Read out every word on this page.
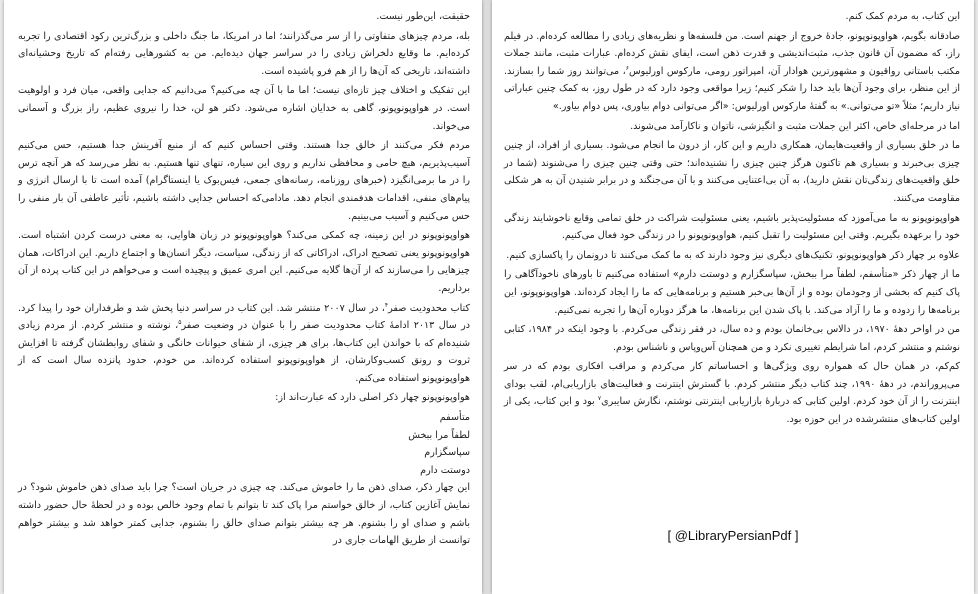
حقیقت، این‌طور نیست.

بله، مردم چیزهای متفاوتی را از سر می‌گذرانند؛ اما در امریکا، ما جنگ داخلی و بزرگ‌ترین رکود اقتصادی را تجربه کرده‌ایم. ما وقایع دلخراش زیادی را در سراسر جهان دیده‌ایم. من به کشورهایی رفته‌ام که تاریخ وحشیانه‌ای داشته‌اند، تاریخی که آن‌ها را از هم فرو پاشیده است.

این تفکیک و اختلاف چیز تازه‌ای نیست؛ اما ما با آن چه می‌کنیم؟ می‌دانیم که جدایی واقعی، میان فرد و اولوهیت است. در هواوپونوپونو، گاهی به خدایان اشاره می‌شود. دکتر هو لن، خدا را نیروی عظیم، راز بزرگ و آسمانی می‌خواند.

مردم فکر می‌کنند از خالق جدا هستند. وقتی احساس کنیم که از منبع آفرینش جدا هستیم، حس می‌کنیم آسیب‌پذیریم، هیچ حامی و محافظی نداریم و روی این سیاره، تنهای تنها هستیم. به نظر می‌رسد که هر آنچه ترس را در ما برمی‌انگیزد (خبرهای روزنامه، رسانه‌های جمعی، فیس‌بوک یا اینستاگرام) آمده است تا با ارسال انرژی و پیام‌های منفی، اقدامات هدفمندی انجام دهد. مادامی‌که احساس جدایی داشته باشیم، تأثیر عاطفی آن بار منفی را حس می‌کنیم و آسیب می‌بینیم.

هواوپونوپونو در این زمینه، چه کمکی می‌کند؟ هواوپونوپونو در زبان هاوایی، به معنی درست کردن اشتباه است. هواوپونوپونو یعنی تصحیح ادراک، ادراکاتی که از زندگی، سیاست، دیگر انسان‌ها و اجتماع داریم. این ادراکات، همان چیزهایی را می‌سازند که از آن‌ها گلایه می‌کنیم. این امری عمیق و پیچیده است و می‌خواهم در این کتاب پرده از آن برداریم.

کتاب محدودیت صفر$^۴$، در سال ۲۰۰۷ منتشر شد. این کتاب در سراسر دنیا پخش شد و طرفداران خود را پیدا کرد. در سال ۲۰۱۳ ادامهٔ کتاب محدودیت صفر را با عنوان در وضعیت صفر$^۵$، نوشته و منتشر کردم. از مردم زیادی شنیده‌ام که با خواندن این کتاب‌ها، برای هر چیزی، از شفای حیوانات خانگی و شفای روابطشان گرفته تا افزایش ثروت و رونق کسب‌وکارشان، از هواوپونوپونو استفاده کرده‌اند. من خودم، حدود پانزده سال است که از هواوپونوپونو استفاده می‌کنم.

هواوپونوپونو چهار ذکر اصلی دارد که عبارت‌اند از:

متأسفم

لطفاً مرا ببخش

سپاسگزارم

دوستت دارم

این چهار ذکر، صدای ذهن ما را خاموش می‌کند. چه چیزی در جریان است؟ چرا باید صدای ذهن خاموش شود؟ در نمایش آغازین کتاب، از خالق خواستم مرا پاک کند تا بتوانم با تمام وجود خالص بوده و در لحظهٔ حال حضور داشته باشم و صدای او را بشنوم. هر چه بیشتر بتوانم صدای خالق را بشنوم، جدایی کمتر خواهد شد و بیشتر خواهم توانست از طریق الهامات جاری در

این کتاب، به مردم کمک کنم.

صادقانه بگویم، هواوپونوپونو، جادهٔ خروج از جهنم است. من فلسفه‌ها و نظریه‌های زیادی را مطالعه کرده‌ام. در فیلم راز، که مضمون آن قانون جذب، مثبت‌اندیشی و قدرت ذهن است، ایفای نقش کرده‌ام. عبارات مثبت، مانند جملات مکتب باستانی رواقیون و مشهورترین هوادار آن، امپراتور رومی، مارکوس اورلیوس$^۶$، می‌توانند روز شما را بسازند. از این منظر، برای وجود آن‌ها باید خدا را شکر کنیم؛ زیرا مواقعی وجود دارد که در طول روز، به کمک چنین عباراتی نیاز داریم؛ مثلاً «تو می‌توانی.» به گفتهٔ مارکوس اورلیوس: «اگر می‌توانی دوام بیاوری، پس دوام بیاور.»

اما در مرحله‌ای خاص، اکثر این جملات مثبت و انگیزشی، ناتوان و ناکارآمد می‌شوند.

ما در خلق بسیاری از واقعیت‌هایمان، همکاری داریم و این کار، از درون ما انجام می‌شود. بسیاری از افراد، از چنین چیزی بی‌خبرند و بسیاری هم تاکنون هرگز چنین چیزی را نشنیده‌اند؛ حتی وقتی چنین چیزی را می‌شنوند (شما در خلق واقعیت‌های زندگی‌تان نقش دارید)، به آن بی‌اعتنایی می‌کنند و با آن می‌جنگند و در برابر شنیدن آن به هر شکلی مقاومت می‌کنند.

هواوپونوپونو به ما می‌آموزد که مسئولیت‌پذیر باشیم، یعنی مسئولیت شراکت در خلق تمامی وقایع ناخوشایند زندگی خود را برعهده بگیریم. وقتی این مسئولیت را تقبل کنیم، هواوپونوپونو را در زندگی خود فعال می‌کنیم.

علاوه بر چهار ذکر هواوپونوپونو، تکنیک‌های دیگری نیز وجود دارند که به ما کمک می‌کنند تا درونمان را پاکسازی کنیم.

ما از چهار ذکر «متأسفم، لطفاً مرا ببخش، سپاسگزارم و دوستت دارم» استفاده می‌کنیم تا باورهای ناخودآگاهی را پاک کنیم که بخشی از وجودمان بوده و از آن‌ها بی‌خبر هستیم و برنامه‌هایی که ما را ایجاد کرده‌اند. هواوپونوپونو، این برنامه‌ها را زدوده و ما را آزاد می‌کند. با پاک شدن این برنامه‌ها، ما هرگز دوباره آن‌ها را تجربه نمی‌کنیم.

من در اواخر دههٔ ۱۹۷۰، در دالاس بی‌خانمان بودم و ده سال، در فقر زندگی می‌کردم. با وجود اینکه در ۱۹۸۴، کتابی نوشتم و منتشر کردم، اما شرایطم تغییری نکرد و من همچنان آس‌وپاس و ناشناس بودم.

کم‌کم، در همان حال که همواره روی ویژگی‌ها و احساساتم کار می‌کردم و مراقب افکاری بودم که در سر می‌پروراندم، در دههٔ ۱۹۹۰، چند کتاب دیگر منتشر کردم. با گسترش اینترنت و فعالیت‌های بازاریابی‌ام، لقب بودای اینترنت را از آن خود کردم. اولین کتابی که دربارهٔ بازاریابی اینترنتی نوشتم، نگارش سایبری$^۷$ بود و این کتاب، یکی از اولین کتاب‌های منتشرشده در این حوزه بود.

[ @LibraryPersianPdf ]
